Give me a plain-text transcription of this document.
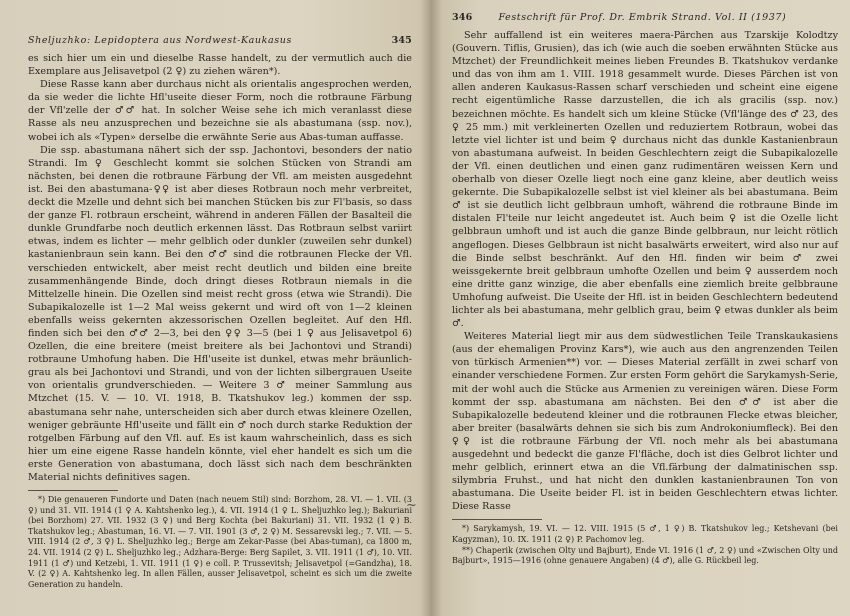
Sheljuzhko: Lepidoptera aus Nordwest-Kaukasus	345

es sich hier um ein und dieselbe Rasse handelt, zu der vermutlich auch die Exemplare aus Jelisavetpol (2 ♀) zu ziehen wären*).

Diese Rasse kann aber durchaus nicht als orientalis angesprochen werden, da sie weder die lichte Hfl'useite dieser Form, noch die rotbraune Färbung der Vfl'zelle der ♂♂ hat. In solcher Weise sehe ich mich veranlasst diese Rasse als neu anzusprechen und bezeichne sie als abastumana (ssp. nov.), wobei ich als «Typen» derselbe die erwähnte Serie aus Abas-tuman auffasse.

Die ssp. abastumana nähert sich der ssp. Jachontovi, besonders der natio Strandi. Im ♀ Geschlecht kommt sie solchen Stücken von Strandi am nächsten, bei denen die rotbraune Färbung der Vfl. am meisten ausgedehnt ist. Bei den abastumana-♀♀ ist aber dieses Rotbraun noch mehr verbreitet, deckt die Mzelle und dehnt sich bei manchen Stücken bis zur Fl'basis, so dass der ganze Fl. rotbraun erscheint, während in anderen Fällen der Basalteil die dunkle Grundfarbe noch deutlich erkennen lässt. Das Rotbraun selbst variirt etwas, indem es lichter — mehr gelblich oder dunkler (zuweilen sehr dunkel) kastanienbraun sein kann. Bei den ♂♂ sind die rotbraunen Flecke der Vfl. verschieden entwickelt, aber meist recht deutlich und bilden eine breite zusammenhängende Binde, doch dringt dieses Rotbraun niemals in die Mittelzelle hinein. Die Ozellen sind meist recht gross (etwa wie Strandi). Die Subapikalozelle ist 1—2 Mal weiss gekernt und wird oft von 1—2 kleinen ebenfalls weiss gekernten akzessorischen Ozellen begleitet. Auf den Hfl. finden sich bei den ♂♂ 2—3, bei den ♀♀ 3—5 (bei 1 ♀ aus Jelisavetpol 6) Ozellen, die eine breitere (meist breitere als bei Jachontovi und Strandi) rotbraune Umhofung haben. Die Hfl'useite ist dunkel, etwas mehr bräunlich-grau als bei Jachontovi und Strandi, und von der lichten silbergrauen Useite von orientalis grundverschieden. — Weitere 3 ♂ meiner Sammlung aus Mtzchet (15. V. — 10. VI. 1918, B. Tkatshukov leg.) kommen der ssp. abastumana sehr nahe, unterscheiden sich aber durch etwas kleinere Ozellen, weniger gebräunte Hfl'useite und fällt ein ♂ noch durch starke Reduktion der rotgelben Färbung auf den Vfl. auf. Es ist kaum wahrscheinlich, dass es sich hier um eine eigene Rasse handeln könnte, viel eher handelt es sich um die erste Generation von abastumana, doch lässt sich nach dem beschränkten Material nichts definitives sagen.

*) Die genaueren Fundorte und Daten (nach neuem Stil) sind: Borzhom, 28. VI. — 1. VII. (3 ♀) und 31. VII. 1914 (1 ♀ A. Kahtshenko leg.), 4. VII. 1914 (1 ♀ L. Sheljuzhko leg.); Bakuriani (bei Borzhom) 27. VII. 1932 (3 ♀) und Berg Kochta (bei Bakuriani) 31. VII. 1932 (1 ♀) B. Tkatshukov leg.; Abastuman, 16. VI. — 7. VII. 1901 (3 ♂, 2 ♀) M. Sessarevski leg.; 7. VII. — 5. VIII. 1914 (2 ♂, 3 ♀) L. Sheljuzhko leg.; Berge am Zekar-Passe (bei Abas-tuman), ca 1800 m, 24. VII. 1914 (2 ♀) L. Sheljuzhko leg.; Adzhara-Berge: Berg Sapilet, 3. VII. 1911 (1 ♂), 10. VII. 1911 (1 ♂) und Ketzebi, 1. VII. 1911 (1 ♀) e coll. P. Trussevitsh; Jelisavetpol (=Gandzha), 18. V. (2 ♀) A. Kahtshenko leg. In allen Fällen, ausser Jelisavetpol, scheint es sich um die zweite Generation zu handeln.

346	Festschrift für Prof. Dr. Embrik Strand. Vol. II (1937)

Sehr auffallend ist ein weiteres maera-Pärchen aus Tzarskije Kolodtzy (Gouvern. Tiflis, Grusien), das ich (wie auch die soeben erwähnten Stücke aus Mtzchet) der Freundlichkeit meines lieben Freundes B. Tkatshukov verdanke und das von ihm am 1. VIII. 1918 gesammelt wurde. Dieses Pärchen ist von allen anderen Kaukasus-Rassen scharf verschieden und scheint eine eigene recht eigentümliche Rasse darzustellen, die ich als gracilis (ssp. nov.) bezeichnen möchte. Es handelt sich um kleine Stücke (Vfl'länge des ♂ 23, des ♀ 25 mm.) mit verkleinerten Ozellen und reduziertem Rotbraun, wobei das letzte viel lichter ist und beim ♀ durchaus nicht das dunkle Kastanienbraun von abastumana aufweist. In beiden Geschlechtern zeigt die Subapikalozelle der Vfl. einen deutlichen und einen ganz rudimentären weissen Kern und oberhalb von dieser Ozelle liegt noch eine ganz kleine, aber deutlich weiss gekernte. Die Subapikalozelle selbst ist viel kleiner als bei abastumana. Beim ♂ ist sie deutlich licht gelbbraun umhoft, während die rotbraune Binde im distalen Fl'teile nur leicht angedeutet ist. Auch beim ♀ ist die Ozelle licht gelbbraun umhoft und ist auch die ganze Binde gelbbraun, nur leicht rötlich angeflogen. Dieses Gelbbraun ist nicht basalwärts erweitert, wird also nur auf die Binde selbst beschränkt. Auf den Hfl. finden wir beim ♂ zwei weissgekernte breit gelbbraun umhofte Ozellen und beim ♀ ausserdem noch eine dritte ganz winzige, die aber ebenfalls eine ziemlich breite gelbbraune Umhofung aufweist. Die Useite der Hfl. ist in beiden Geschlechtern bedeutend lichter als bei abastumana, mehr gelblich grau, beim ♀ etwas dunkler als beim ♂.

Weiteres Material liegt mir aus dem südwestlichen Teile Transkaukasiens (aus der ehemaligen Provinz Kars*), wie auch aus den angrenzenden Teilen von türkisch Armenien**) vor. — Dieses Material zerfällt in zwei scharf von einander verschiedene Formen. Zur ersten Form gehört die Sarykamysh-Serie, mit der wohl auch die Stücke aus Armenien zu vereinigen wären. Diese Form kommt der ssp. abastumana am nächsten. Bei den ♂♂ ist aber die Subapikalozelle bedeutend kleiner und die rotbraunen Flecke etwas bleicher, aber breiter (basalwärts dehnen sie sich bis zum Androkoniumfleck). Bei den ♀♀ ist die rotbraune Färbung der Vfl. noch mehr als bei abastumana ausgedehnt und bedeckt die ganze Fl'fläche, doch ist dies Gelbrot lichter und mehr gelblich, erinnert etwa an die Vfl.färbung der dalmatinischen ssp. silymbria Fruhst., und hat nicht den dunklen kastanienbraunen Ton von abastumana. Die Useite beider Fl. ist in beiden Geschlechtern etwas lichter. Diese Rasse

*) Sarykamysh, 19. VI. — 12. VIII. 1915 (5 ♂, 1 ♀) B. Tkatshukov leg.; Ketshevani (bei Kagyzman), 10. IX. 1911 (2 ♀) P. Pachomov leg.

**) Chaperik (zwischen Olty und Bajburt), Ende VI. 1916 (1 ♂, 2 ♀) und «Zwischen Olty und Bajburt», 1915—1916 (ohne genauere Angaben) (4 ♂), alle G. Rückbeil leg.

~
